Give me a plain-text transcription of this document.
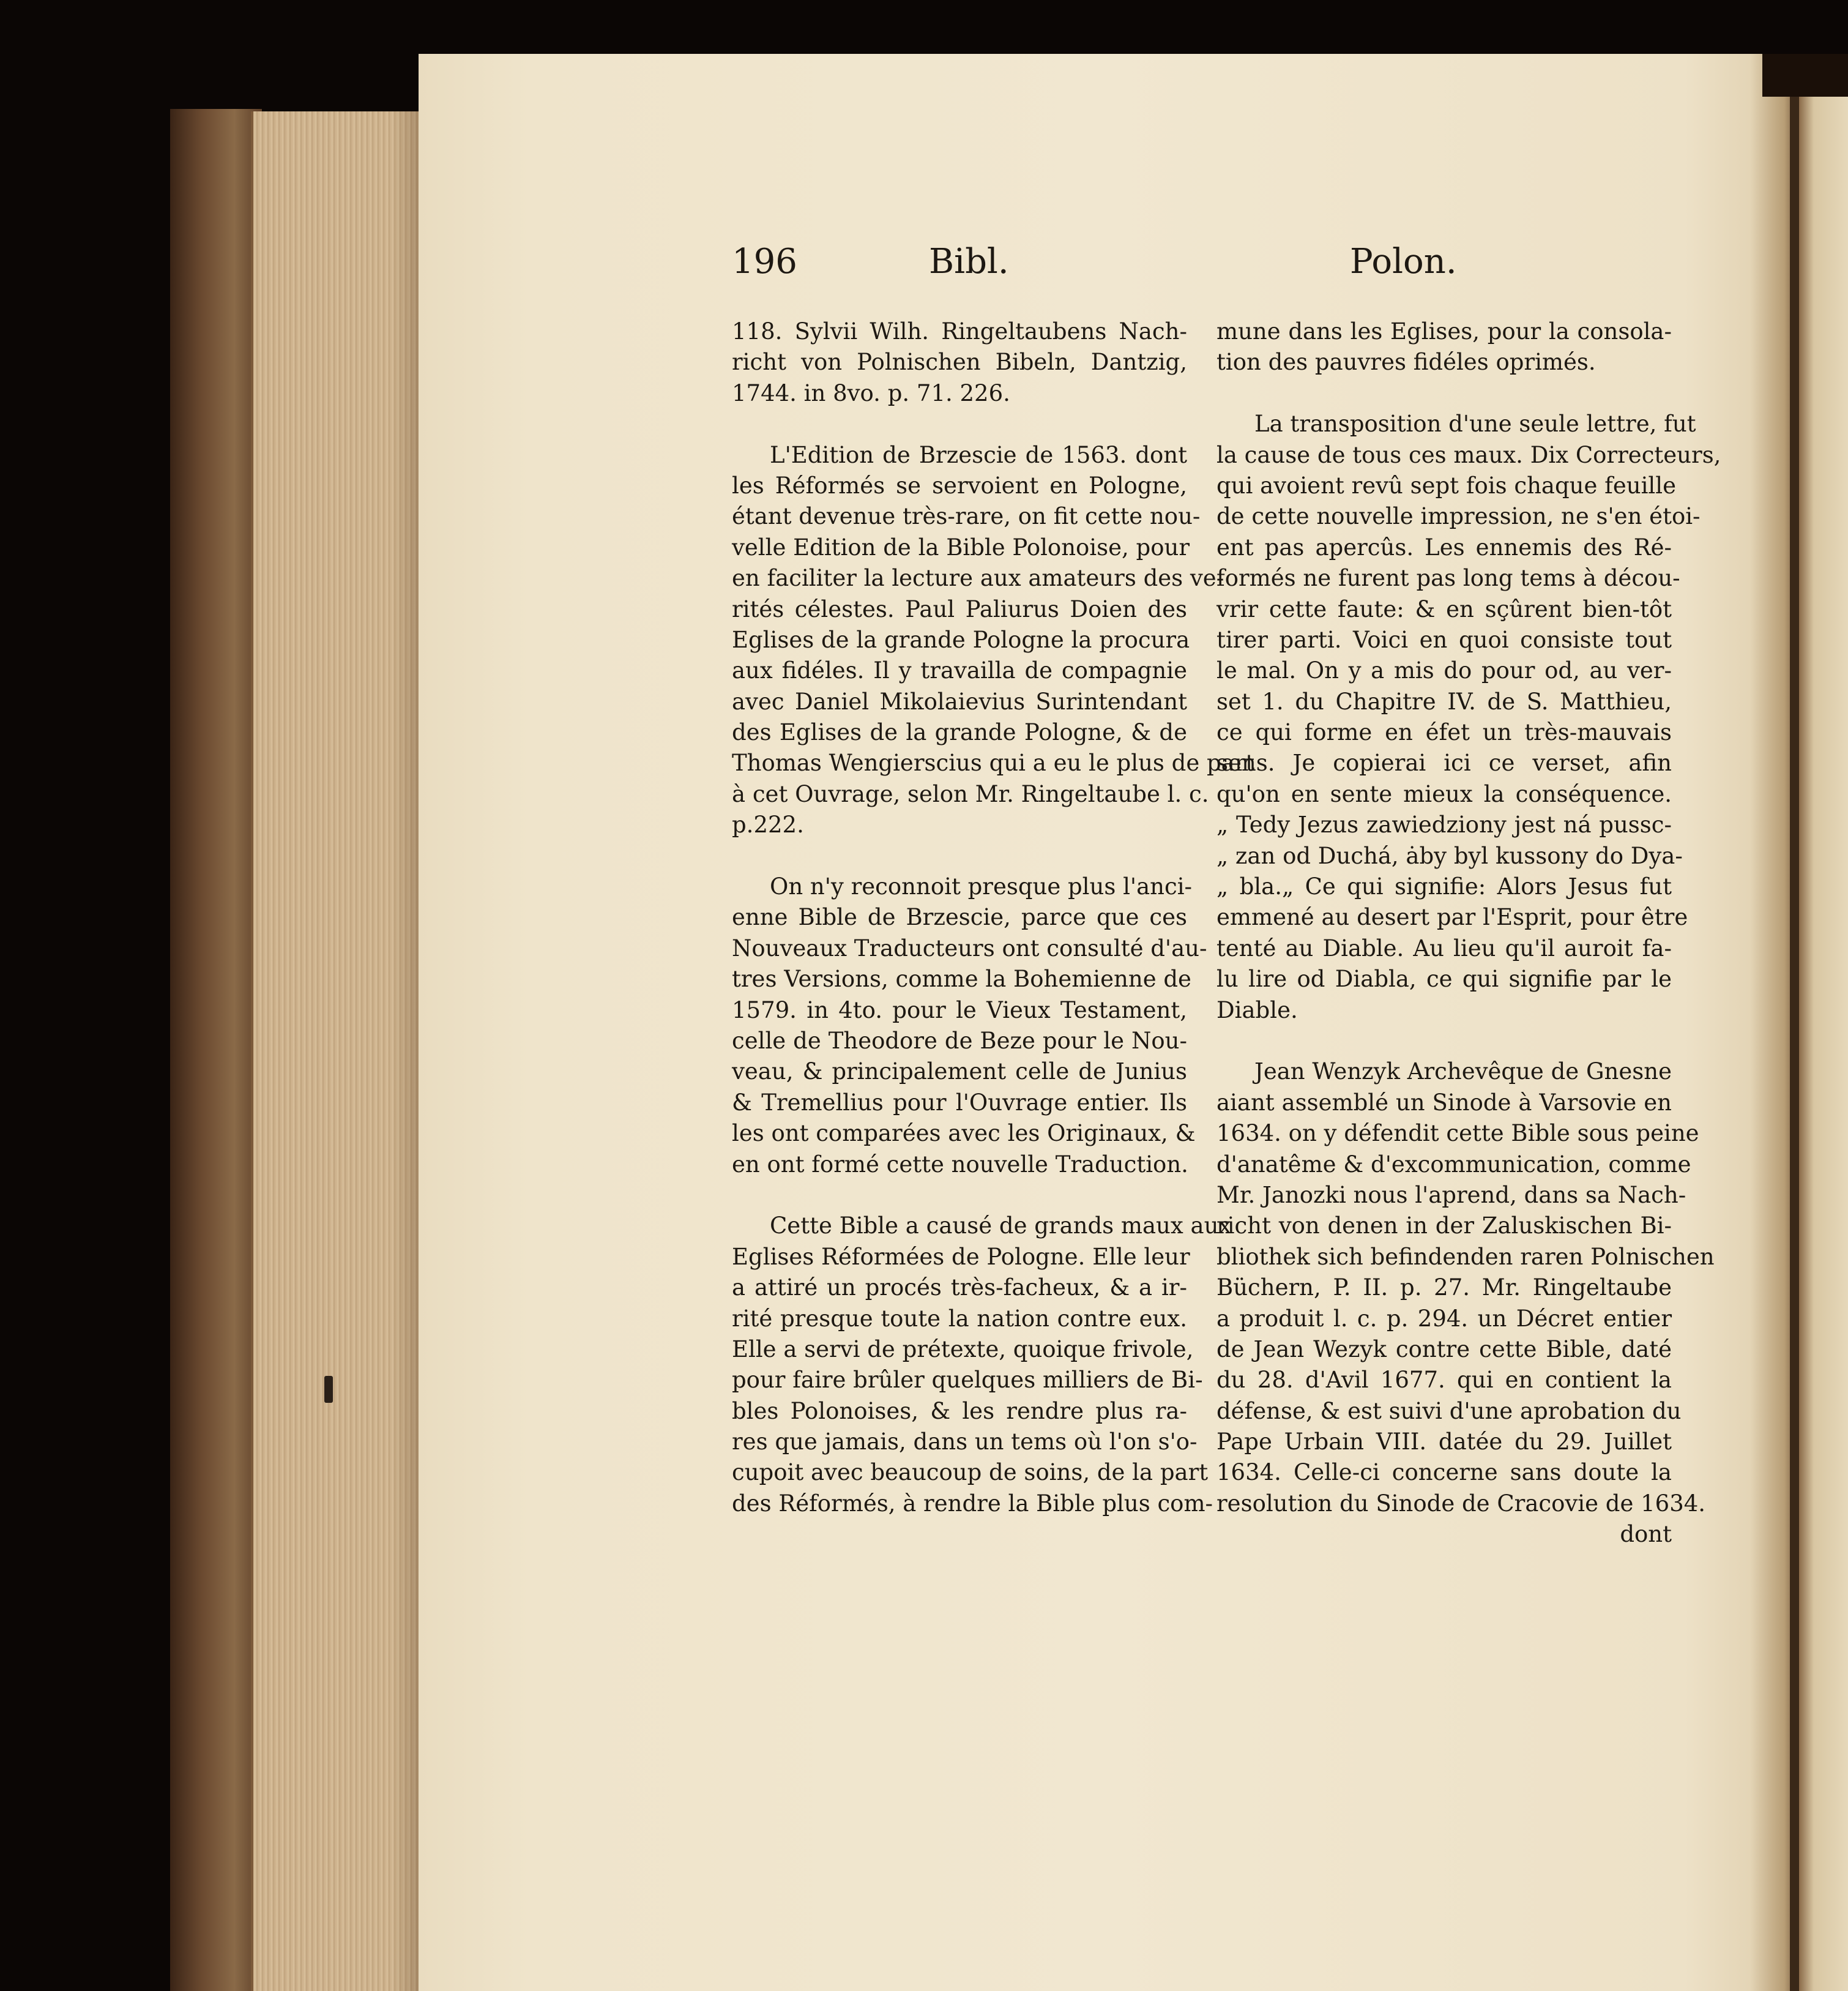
196	Bibl.	Polon.
118. Sylvii Wilh. Ringeltaubens Nach-
richt von Polnischen Bibeln, Dantzig,
1744. in 8vo. p. 71. 226.
L'Edition de Brzescie de 1563. dont
les Réformés se servoient en Pologne,
étant devenue très-rare, on fit cette nou-
velle Edition de la Bible Polonoise, pour
en faciliter la lecture aux amateurs des ve-
rités célestes. Paul Paliurus Doien des
Eglises de la grande Pologne la procura
aux fidéles. Il y travailla de compagnie
avec Daniel Mikolaievius Surintendant
des Eglises de la grande Pologne, & de
Thomas Wengierscius qui a eu le plus de part
à cet Ouvrage, selon Mr. Ringeltaube l. c.
p.222.
On n'y reconnoit presque plus l'anci-
enne Bible de Brzescie, parce que ces
Nouveaux Traducteurs ont consulté d'au-
tres Versions, comme la Bohemienne de
1579. in 4to. pour le Vieux Testament,
celle de Theodore de Beze pour le Nou-
veau, & principalement celle de Junius
& Tremellius pour l'Ouvrage entier. Ils
les ont comparées avec les Originaux, &
en ont formé cette nouvelle Traduction.
Cette Bible a causé de grands maux aux
Eglises Réformées de Pologne. Elle leur
a attiré un procés très-facheux, & a ir-
rité presque toute la nation contre eux.
Elle a servi de prétexte, quoique frivole,
pour faire brûler quelques milliers de Bi-
bles Polonoises, & les rendre plus ra-
res que jamais, dans un tems où l'on s'o-
cupoit avec beaucoup de soins, de la part
des Réformés, à rendre la Bible plus com-
mune dans les Eglises, pour la consola-
tion des pauvres fidéles oprimés.
La transposition d'une seule lettre, fut
la cause de tous ces maux. Dix Correcteurs,
qui avoient revû sept fois chaque feuille
de cette nouvelle impression, ne s'en étoi-
ent pas apercûs. Les ennemis des Ré-
formés ne furent pas long tems à décou-
vrir cette faute: & en sçûrent bien-tôt
tirer parti. Voici en quoi consiste tout
le mal. On y a mis do pour od, au ver-
set 1. du Chapitre IV. de S. Matthieu,
ce qui forme en éfet un très-mauvais
sens. Je copierai ici ce verset, afin
qu'on en sente mieux la conséquence.
„ Tedy Jezus zawiedziony jest ná pussc-
„ zan od Duchá, ȧby byl kussony do Dya-
„ bla.„ Ce qui signifie: Alors Jesus fut
emmené au desert par l'Esprit, pour être
tenté au Diable. Au lieu qu'il auroit fa-
lu lire od Diabla, ce qui signifie par le
Diable.
Jean Wenzyk Archevêque de Gnesne
aiant assemblé un Sinode à Varsovie en
1634. on y défendit cette Bible sous peine
d'anatême & d'excommunication, comme
Mr. Janozki nous l'aprend, dans sa Nach-
richt von denen in der Zaluskischen Bi-
bliothek sich befindenden raren Polnischen
Büchern, P. II. p. 27. Mr. Ringeltaube
a produit l. c. p. 294. un Décret entier
de Jean Wezyk contre cette Bible, daté
du 28. d'Avil 1677. qui en contient la
défense, & est suivi d'une aprobation du
Pape Urbain VIII. datée du 29. Juillet
1634. Celle-ci concerne sans doute la
resolution du Sinode de Cracovie de 1634.
dont
